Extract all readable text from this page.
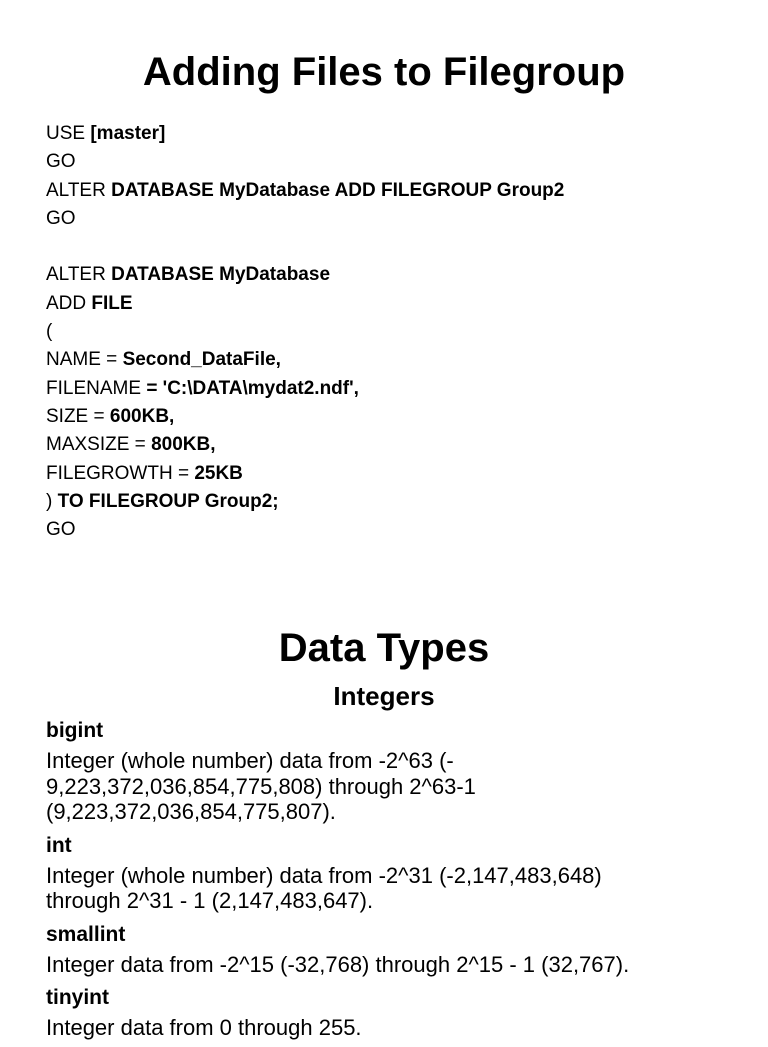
Adding Files to Filegroup
USE [master]
GO
ALTER DATABASE MyDatabase ADD FILEGROUP Group2
GO
ALTER DATABASE MyDatabase
ADD FILE
(
NAME = Second_DataFile,
FILENAME = 'C:\DATA\mydat2.ndf',
SIZE = 600KB,
MAXSIZE = 800KB,
FILEGROWTH = 25KB
) TO FILEGROUP Group2;
GO
Data Types
Integers
bigint
Integer (whole number) data from -2^63 (-
9,223,372,036,854,775,808) through 2^63-1
(9,223,372,036,854,775,807).
int
Integer (whole number) data from -2^31 (-2,147,483,648)
through 2^31 - 1 (2,147,483,647).
smallint
Integer data from -2^15 (-32,768) through 2^15 - 1 (32,767).
tinyint
Integer data from 0 through 255.
